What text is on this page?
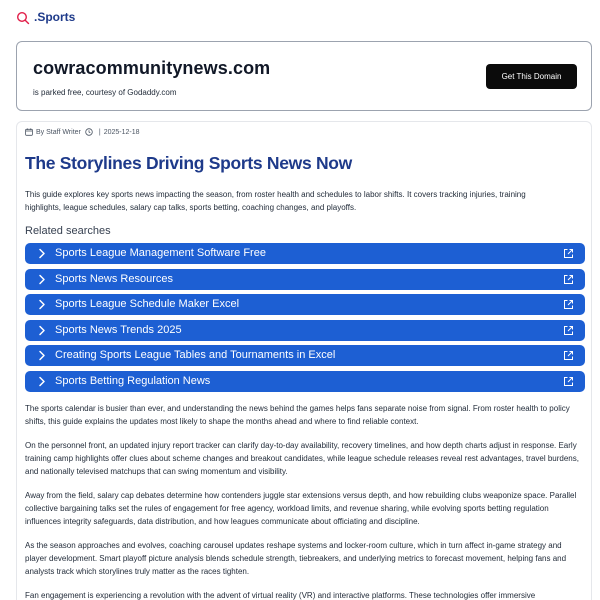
.Sports
cowracommunitynews.com
is parked free, courtesy of Godaddy.com
Get This Domain
By Staff Writer	| 2025-12-18
The Storylines Driving Sports News Now

This guide explores key sports news impacting the season, from roster health and schedules to labor shifts. It covers tracking injuries, training highlights, league schedules, salary cap talks, sports betting, coaching changes, and playoffs.

Related searches
Sports League Management Software Free
Sports News Resources
Sports League Schedule Maker Excel
Sports News Trends 2025
Creating Sports League Tables and Tournaments in Excel
Sports Betting Regulation News

The sports calendar is busier than ever, and understanding the news behind the games helps fans separate noise from signal. From roster health to policy shifts, this guide explains the updates most likely to shape the months ahead and where to find reliable context.

On the personnel front, an updated injury report tracker can clarify day-to-day availability, recovery timelines, and how depth charts adjust in response. Early training camp highlights offer clues about scheme changes and breakout candidates, while league schedule releases reveal rest advantages, travel burdens, and nationally televised matchups that can swing momentum and visibility.

Away from the field, salary cap debates determine how contenders juggle star extensions versus depth, and how rebuilding clubs weaponize space. Parallel collective bargaining talks set the rules of engagement for free agency, workload limits, and revenue sharing, while evolving sports betting regulation influences integrity safeguards, data distribution, and how leagues communicate about officiating and discipline.

As the season approaches and evolves, coaching carousel updates reshape systems and locker-room culture, which in turn affect in-game strategy and player development. Smart playoff picture analysis blends schedule strength, tiebreakers, and underlying metrics to forecast movement, helping fans and analysts track which storylines truly matter as the races tighten.

Fan engagement is experiencing a revolution with the advent of virtual reality (VR) and interactive platforms. These technologies offer immersive
